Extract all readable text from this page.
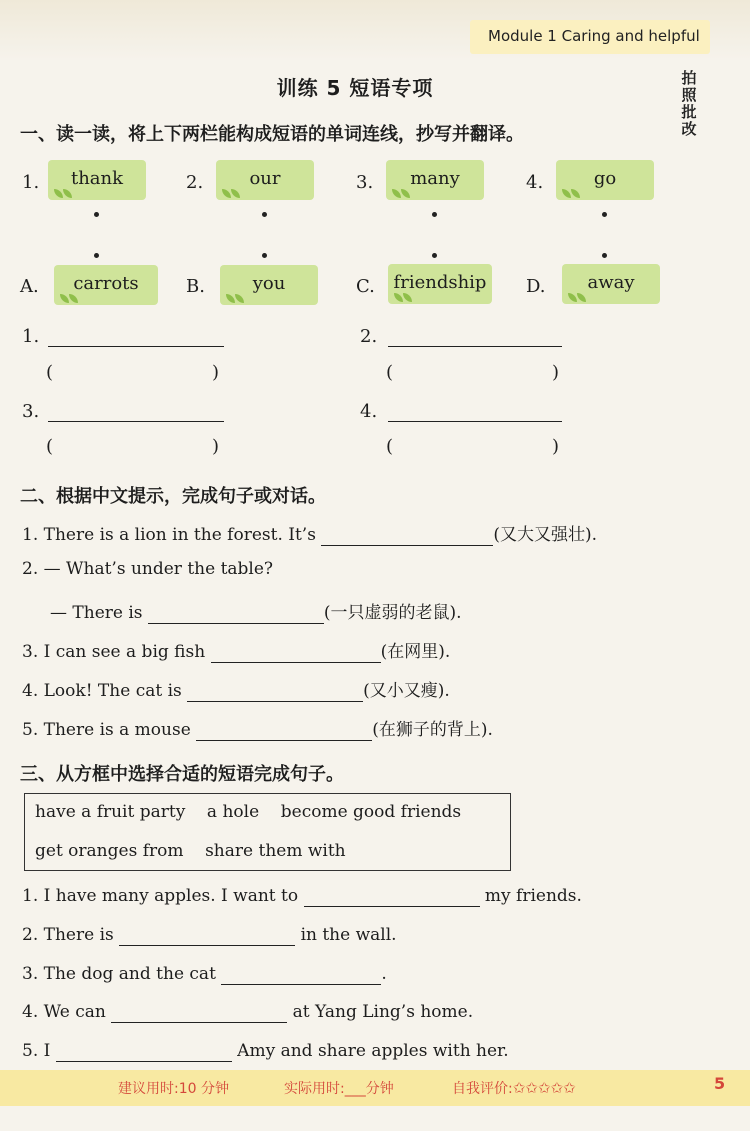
Module 1 Caring and helpful
拍
照
批
改
训练 5 短语专项
一、读一读，将上下两栏能构成短语的单词连线，抄写并翻译。
1.	thank	2.	our	3.	many	4.	go
A.	carrots	B.	you	C.	friendship	D.	away
1.
(	)
2.
(	)
3.
(	)
4.
(	)
二、根据中文提示，完成句子或对话。
1. There is a lion in the forest. It’s	(又大又强壮).
2. — What’s under the table?
— There is	(一只虚弱的老鼠).
3. I can see a big fish	(在网里).
4. Look! The cat is	(又小又瘦).
5. There is a mouse	(在狮子的背上).
三、从方框中选择合适的短语完成句子。
have a fruit party    a hole    become good friends
get oranges from    share them with
1. I have many apples. I want to	my friends.
2. There is	in the wall.
3. The dog and the cat	.
4. We can	at Yang Ling’s home.
5. I	Amy and share apples with her.
建议用时:10 分钟	实际用时:___分钟	自我评价:✩✩✩✩✩	5
